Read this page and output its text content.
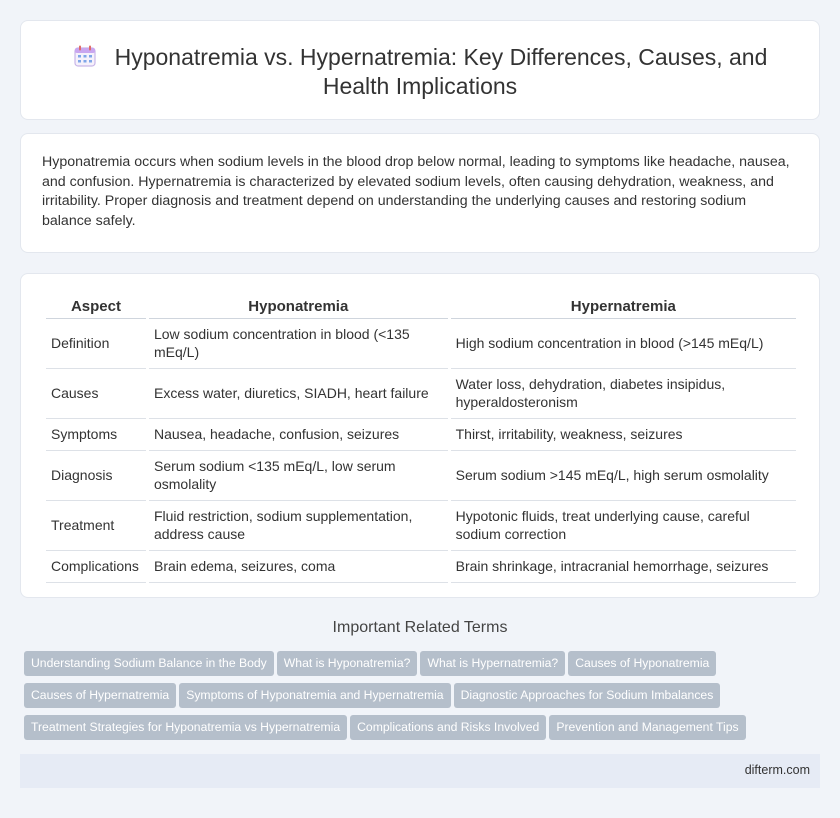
Hyponatremia vs. Hypernatremia: Key Differences, Causes, and Health Implications

Hyponatremia occurs when sodium levels in the blood drop below normal, leading to symptoms like headache, nausea, and confusion. Hypernatremia is characterized by elevated sodium levels, often causing dehydration, weakness, and irritability. Proper diagnosis and treatment depend on understanding the underlying causes and restoring sodium balance safely.

Aspect	Hyponatremia	Hypernatremia
Definition	Low sodium concentration in blood (<135 mEq/L)	High sodium concentration in blood (>145 mEq/L)
Causes	Excess water, diuretics, SIADH, heart failure	Water loss, dehydration, diabetes insipidus, hyperaldosteronism
Symptoms	Nausea, headache, confusion, seizures	Thirst, irritability, weakness, seizures
Diagnosis	Serum sodium <135 mEq/L, low serum osmolality	Serum sodium >145 mEq/L, high serum osmolality
Treatment	Fluid restriction, sodium supplementation, address cause	Hypotonic fluids, treat underlying cause, careful sodium correction
Complications	Brain edema, seizures, coma	Brain shrinkage, intracranial hemorrhage, seizures
Important Related Terms
Understanding Sodium Balance in the Body What is Hyponatremia? What is Hypernatremia? Causes of Hyponatremia
Causes of Hypernatremia Symptoms of Hyponatremia and Hypernatremia Diagnostic Approaches for Sodium Imbalances
Treatment Strategies for Hyponatremia vs Hypernatremia Complications and Risks Involved Prevention and Management Tips
difterm.com
